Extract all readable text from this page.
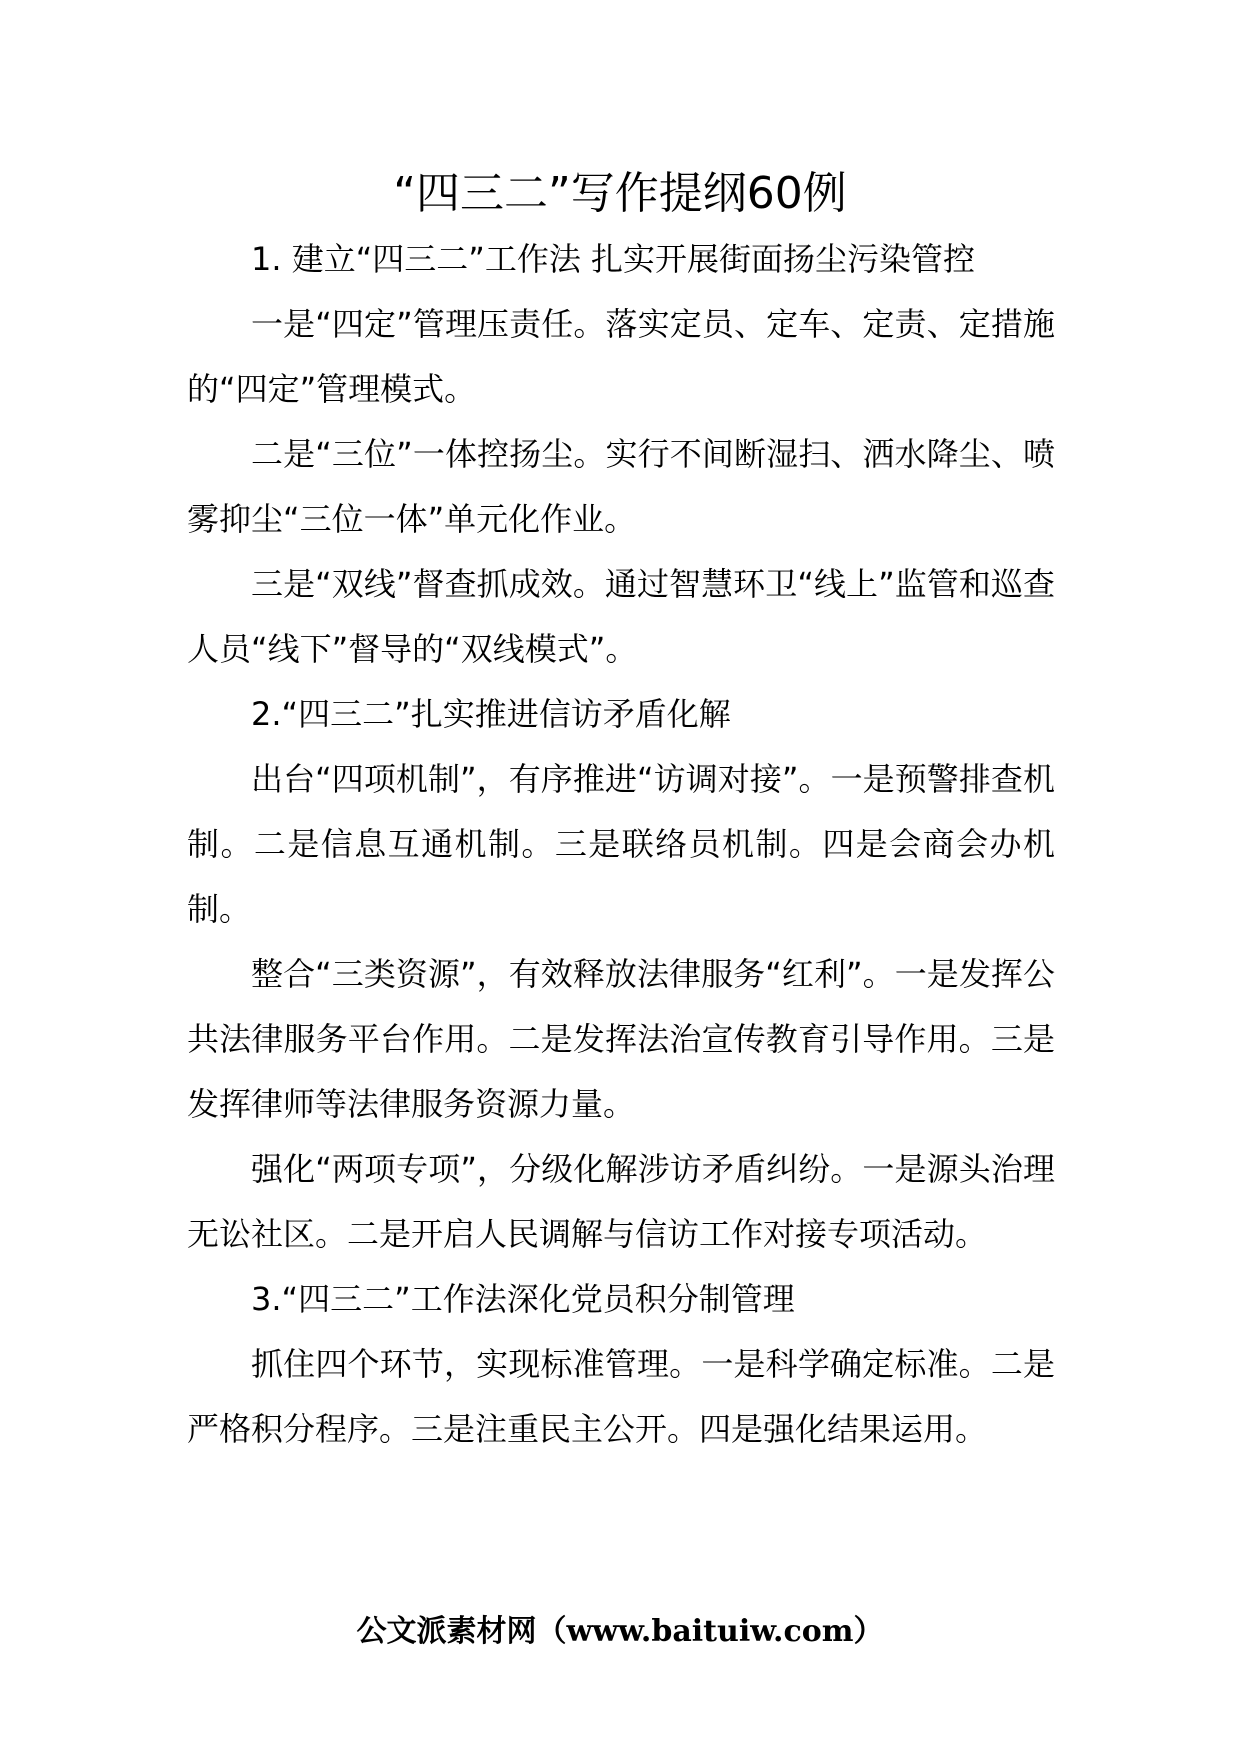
“四三二”写作提纲60例

1. 建立“四三二”工作法 扎实开展街面扬尘污染管控

一是“四定”管理压责任。落实定员、定车、定责、定措施的“四定”管理模式。

二是“三位”一体控扬尘。实行不间断湿扫、洒水降尘、喷雾抑尘“三位一体”单元化作业。

三是“双线”督查抓成效。通过智慧环卫“线上”监管和巡查人员“线下”督导的“双线模式”。

2.“四三二”扎实推进信访矛盾化解

出台“四项机制”，有序推进“访调对接”。一是预警排查机制。二是信息互通机制。三是联络员机制。四是会商会办机制。

整合“三类资源”，有效释放法律服务“红利”。一是发挥公共法律服务平台作用。二是发挥法治宣传教育引导作用。三是发挥律师等法律服务资源力量。

强化“两项专项”，分级化解涉访矛盾纠纷。一是源头治理无讼社区。二是开启人民调解与信访工作对接专项活动。

3.“四三二”工作法深化党员积分制管理

抓住四个环节，实现标准管理。一是科学确定标准。二是严格积分程序。三是注重民主公开。四是强化结果运用。

公文派素材网（www.baituiw.com）
